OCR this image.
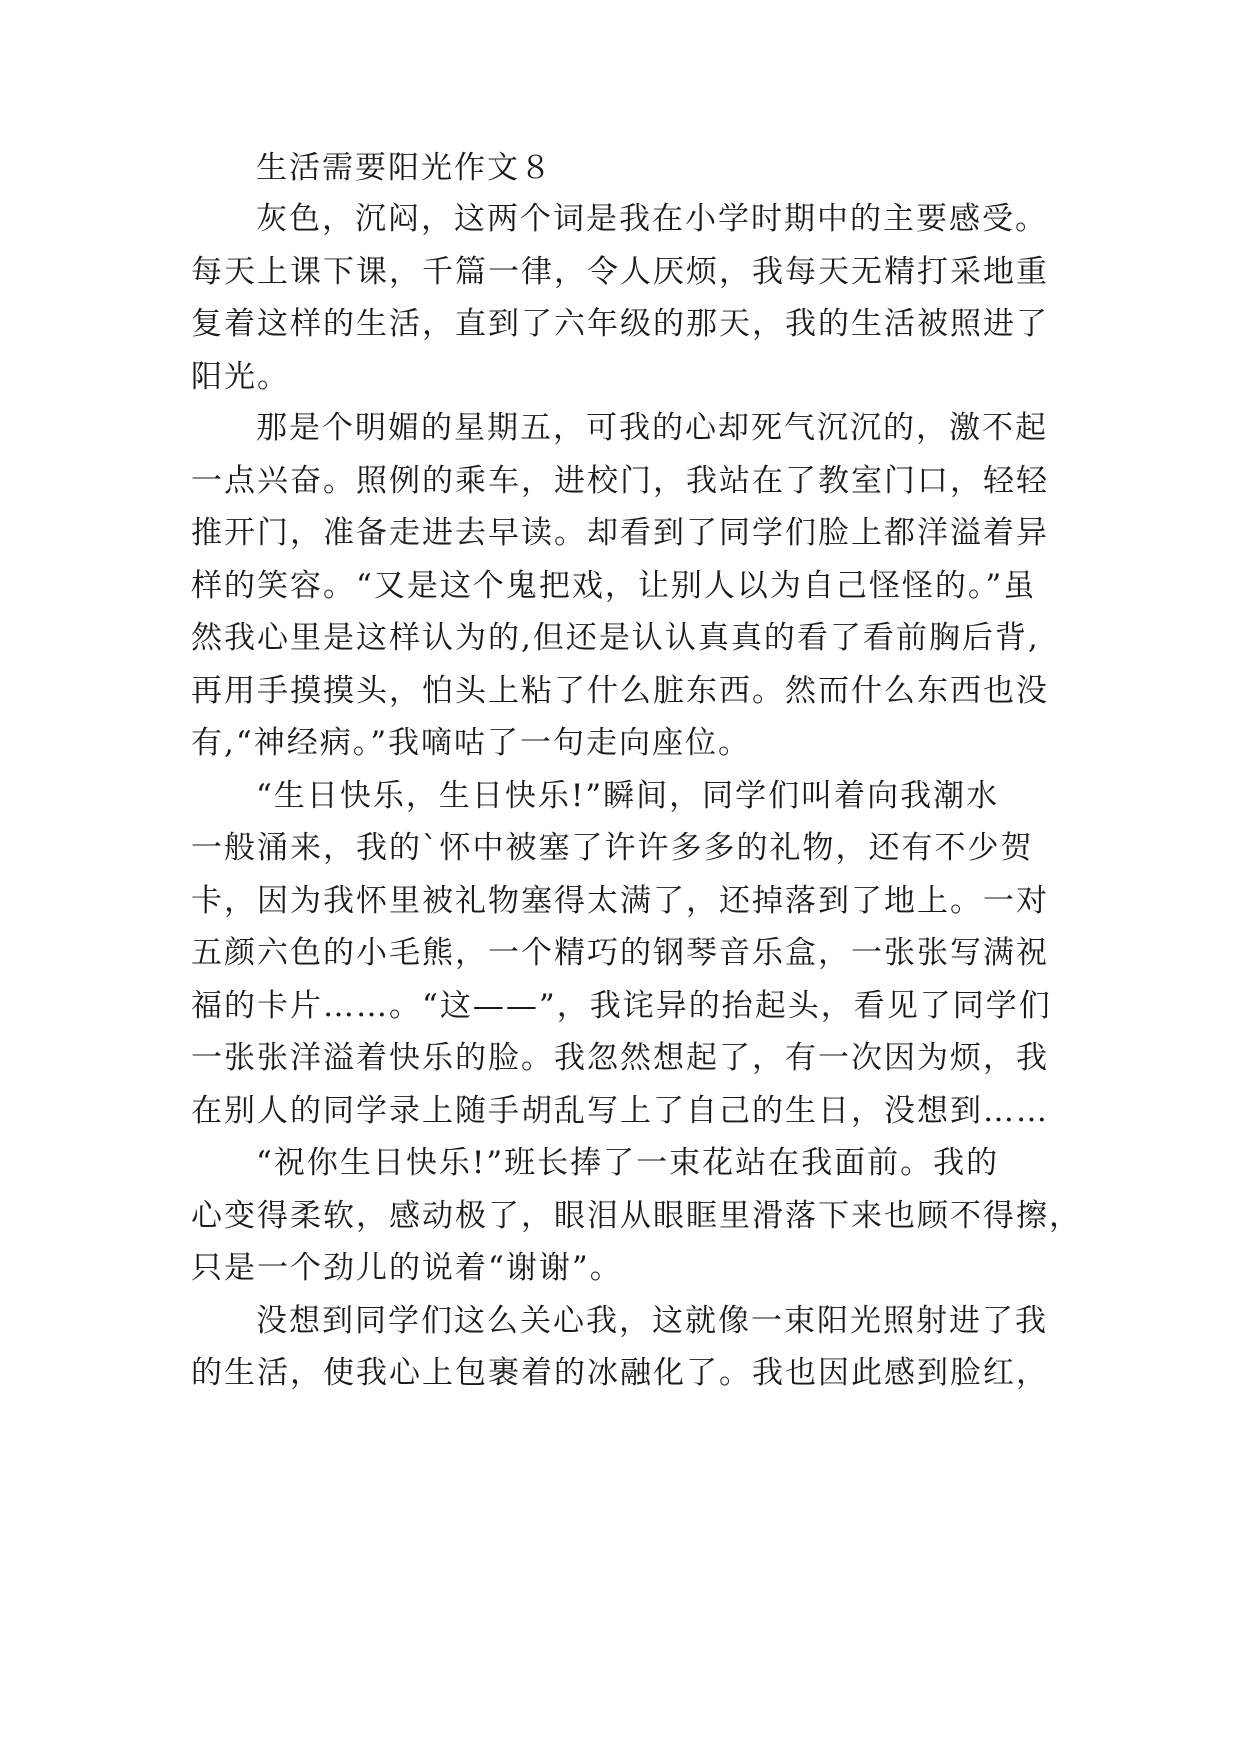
生活需要阳光作文８
灰色，沉闷，这两个词是我在小学时期中的主要感受。
每天上课下课，千篇一律，令人厌烦，我每天无精打采地重
复着这样的生活，直到了六年级的那天，我的生活被照进了
阳光。
那是个明媚的星期五，可我的心却死气沉沉的，激不起
一点兴奋。照例的乘车，进校门，我站在了教室门口，轻轻
推开门，准备走进去早读。却看到了同学们脸上都洋溢着异
样的笑容。“又是这个鬼把戏，让别人以为自己怪怪的。”虽
然我心里是这样认为的,但还是认认真真的看了看前胸后背,
再用手摸摸头，怕头上粘了什么脏东西。然而什么东西也没
有,“神经病。”我嘀咕了一句走向座位。
“生日快乐，生日快乐!”瞬间，同学们叫着向我潮水
一般涌来，我的`怀中被塞了许许多多的礼物，还有不少贺
卡，因为我怀里被礼物塞得太满了，还掉落到了地上。一对
五颜六色的小毛熊，一个精巧的钢琴音乐盒，一张张写满祝
福的卡片……。“这——”，我诧异的抬起头，看见了同学们
一张张洋溢着快乐的脸。我忽然想起了，有一次因为烦，我
在别人的同学录上随手胡乱写上了自己的生日，没想到……
“祝你生日快乐!”班长捧了一束花站在我面前。我的
心变得柔软，感动极了，眼泪从眼眶里滑落下来也顾不得擦，
只是一个劲儿的说着“谢谢”。
没想到同学们这么关心我，这就像一束阳光照射进了我
的生活，使我心上包裹着的冰融化了。我也因此感到脸红，
